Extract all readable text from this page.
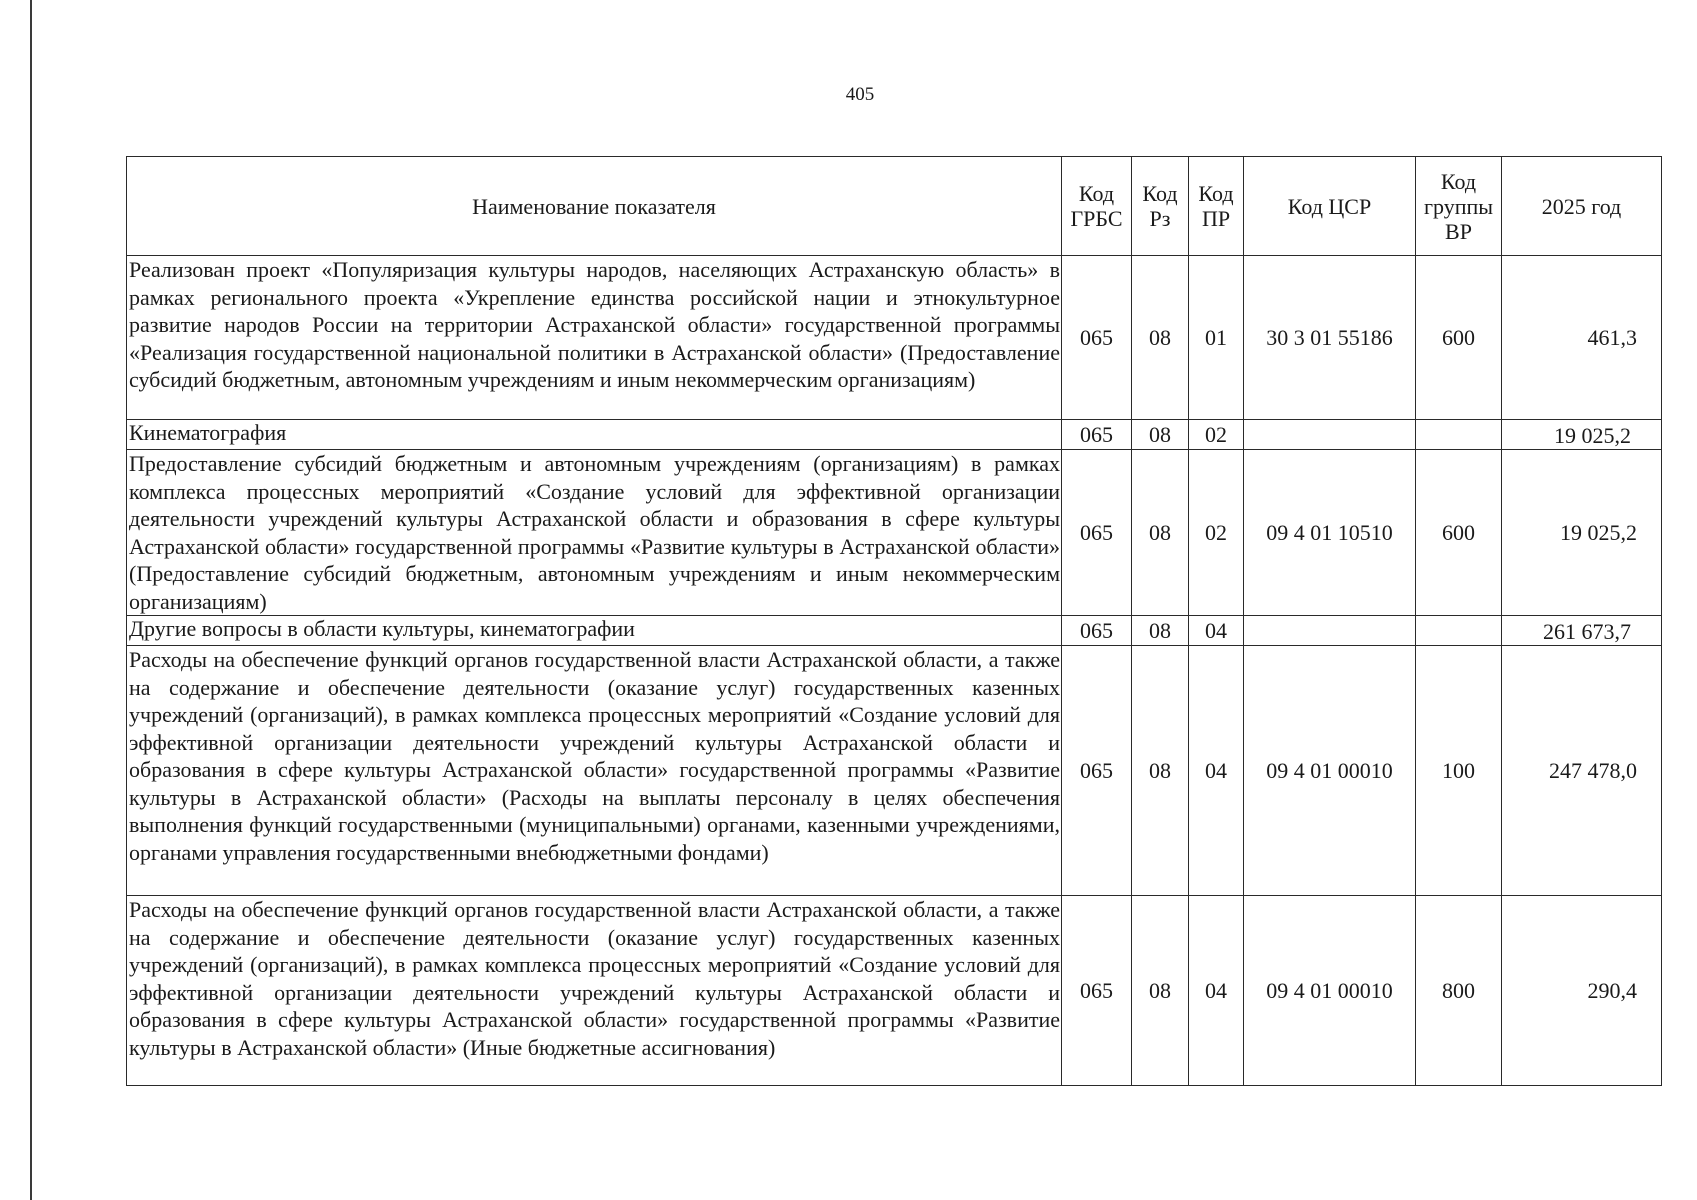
405
Наименование показателя	Код ГРБС	Код Рз	Код ПР	Код ЦСР	Код группы ВР	2025 год
Реализован проект «Популяризация культуры народов, населяющих Астраханскую область» в рамках регионального проекта «Укрепление единства российской нации и этнокультурное развитие народов России на территории Астраханской области» государственной программы «Реализация государственной национальной политики в Астраханской области» (Предоставление субсидий бюджетным, автономным учреждениям и иным некоммерческим организациям)	065	08	01	30 3 01 55186	600	461,3
Кинематография	065	08	02			19 025,2
Предоставление субсидий бюджетным и автономным учреждениям (организациям) в рамках комплекса процессных мероприятий «Создание условий для эффективной организации деятельности учреждений культуры Астраханской области и образования в сфере культуры Астраханской области» государственной программы «Развитие культуры в Астраханской области» (Предоставление субсидий бюджетным, автономным учреждениям и иным некоммерческим организациям)	065	08	02	09 4 01 10510	600	19 025,2
Другие вопросы в области культуры, кинематографии	065	08	04			261 673,7
Расходы на обеспечение функций органов государственной власти Астраханской области, а также на содержание и обеспечение деятельности (оказание услуг) государственных казенных учреждений (организаций), в рамках комплекса процессных мероприятий «Создание условий для эффективной организации деятельности учреждений культуры Астраханской области и образования в сфере культуры Астраханской области» государственной программы «Развитие культуры в Астраханской области» (Расходы на выплаты персоналу в целях обеспечения выполнения функций государственными (муниципальными) органами, казенными учреждениями, органами управления государственными внебюджетными фондами)	065	08	04	09 4 01 00010	100	247 478,0
Расходы на обеспечение функций органов государственной власти Астраханской области, а также на содержание и обеспечение деятельности (оказание услуг) государственных казенных учреждений (организаций), в рамках комплекса процессных мероприятий «Создание условий для эффективной организации деятельности учреждений культуры Астраханской области и образования в сфере культуры Астраханской области» государственной программы «Развитие культуры в Астраханской области» (Иные бюджетные ассигнования)	065	08	04	09 4 01 00010	800	290,4
